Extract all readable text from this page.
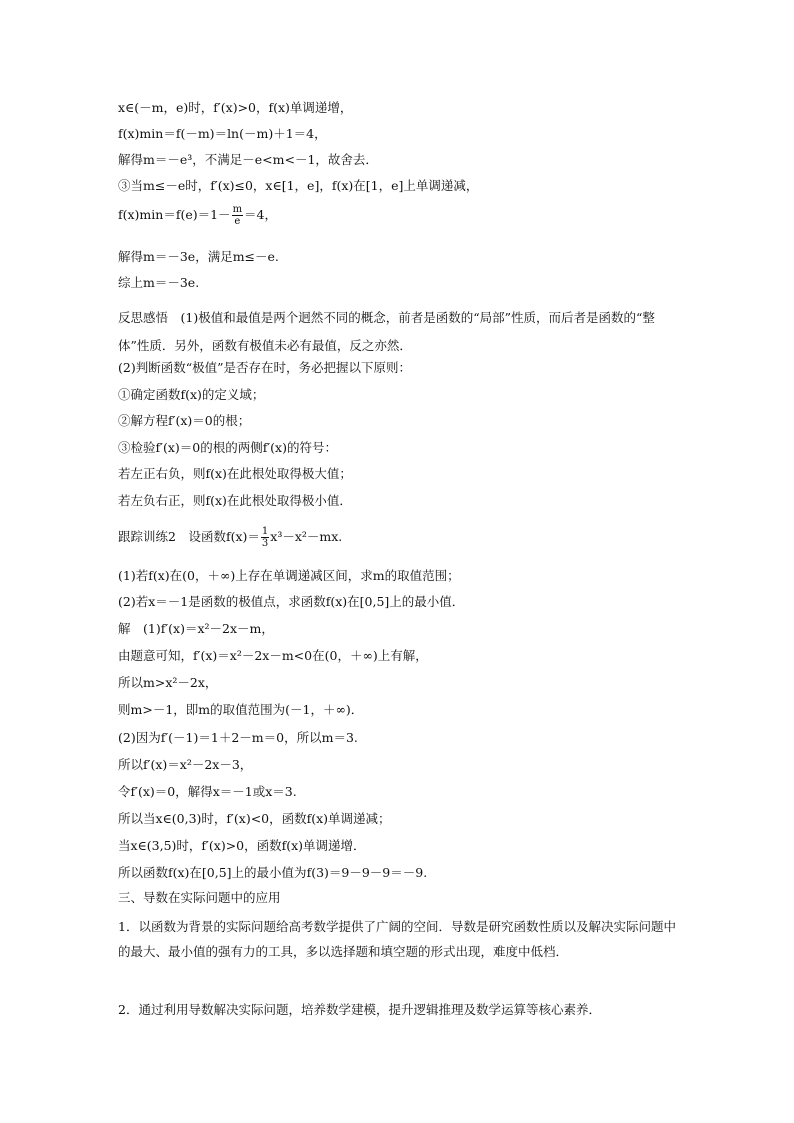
x∈(－m，e)时，f′(x)>0，f(x)单调递增，
f(x)min＝f(－m)＝ln(－m)＋1＝4，
解得m＝－e³，不满足－e<m<－1，故舍去．
③当m≤－e时，f′(x)≤0，x∈[1，e]，f(x)在[1，e]上单调递减，
$f(x)\min=f(e)=1- \frac{m}{e} =4$，
解得m＝－3e，满足m≤－e.
综上m＝－3e.
反思感悟　(1)极值和最值是两个迥然不同的概念，前者是函数的“局部”性质，而后者是函数的“整体”性质．另外，函数有极值未必有最值，反之亦然．
(2)判断函数“极值”是否存在时，务必把握以下原则：
①确定函数f(x)的定义域；
②解方程f′(x)＝0的根；
③检验f′(x)＝0的根的两侧f′(x)的符号：
若左正右负，则f(x)在此根处取得极大值；
若左负右正，则f(x)在此根处取得极小值．
跟踪训练2　设函数$f(x)= \frac{1}{3} x^3-x^2-mx$.
(1)若f(x)在(0，＋∞)上存在单调递减区间，求m的取值范围；
(2)若x＝－1是函数的极值点，求函数f(x)在[0,5]上的最小值．
解　(1)f′(x)＝x²－2x－m，
由题意可知，f′(x)＝x²－2x－m<0在(0，＋∞)上有解，
所以m>x²－2x，
则m>－1，即m的取值范围为(－1，＋∞)．
(2)因为f′(－1)＝1＋2－m＝0，所以m＝3.
所以f′(x)＝x²－2x－3，
令f′(x)＝0，解得x＝－1或x＝3.
所以当x∈(0,3)时，f′(x)<0，函数f(x)单调递减；
当x∈(3,5)时，f′(x)>0，函数f(x)单调递增．
所以函数f(x)在[0,5]上的最小值为f(3)＝9－9－9＝－9.
三、导数在实际问题中的应用
1．以函数为背景的实际问题给高考数学提供了广阔的空间．导数是研究函数性质以及解决实际问题中的最大、最小值的强有力的工具，多以选择题和填空题的形式出现，难度中低档．
2．通过利用导数解决实际问题，培养数学建模，提升逻辑推理及数学运算等核心素养．
